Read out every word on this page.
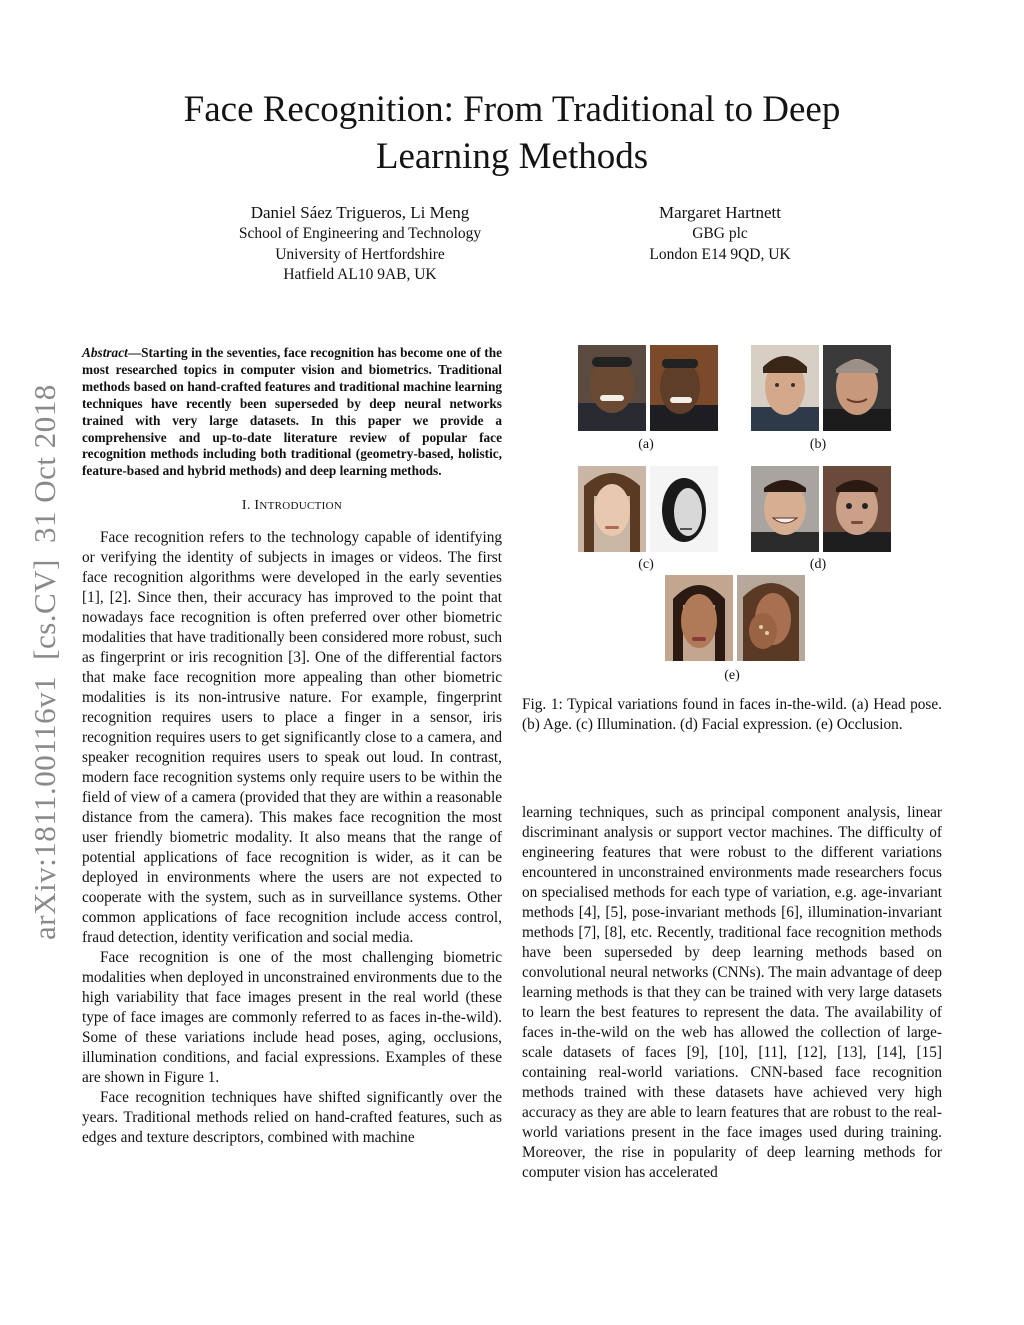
Face Recognition: From Traditional to Deep
Learning Methods
Daniel Sáez Trigueros, Li Meng
School of Engineering and Technology
University of Hertfordshire
Hatfield AL10 9AB, UK
Margaret Hartnett
GBG plc
London E14 9QD, UK
arXiv:1811.00116v1[cs.CV]31 Oct 2018

Abstract—Starting in the seventies, face recognition has become one of the most researched topics in computer vision and biometrics. Traditional methods based on hand-crafted features and traditional machine learning techniques have recently been superseded by deep neural networks trained with very large datasets. In this paper we provide a comprehensive and up-to-date literature review of popular face recognition methods including both traditional (geometry-based, holistic, feature-based and hybrid methods) and deep learning methods.

I. INTRODUCTION

Face recognition refers to the technology capable of identifying or verifying the identity of subjects in images or videos. The first face recognition algorithms were developed in the early seventies [1], [2]. Since then, their accuracy has improved to the point that nowadays face recognition is often preferred over other biometric modalities that have traditionally been considered more robust, such as fingerprint or iris recognition [3]. One of the differential factors that make face recognition more appealing than other biometric modalities is its non-intrusive nature. For example, fingerprint recognition requires users to place a finger in a sensor, iris recognition requires users to get significantly close to a camera, and speaker recognition requires users to speak out loud. In contrast, modern face recognition systems only require users to be within the field of view of a camera (provided that they are within a reasonable distance from the camera). This makes face recognition the most user friendly biometric modality. It also means that the range of potential applications of face recognition is wider, as it can be deployed in environments where the users are not expected to cooperate with the system, such as in surveillance systems. Other common applications of face recognition include access control, fraud detection, identity verification and social media.

Face recognition is one of the most challenging biometric modalities when deployed in unconstrained environments due to the high variability that face images present in the real world (these type of face images are commonly referred to as faces in-the-wild). Some of these variations include head poses, aging, occlusions, illumination conditions, and facial expressions. Examples of these are shown in Figure 1.

Face recognition techniques have shifted significantly over the years. Traditional methods relied on hand-crafted features, such as edges and texture descriptors, combined with machine

(a)	(b)
(c)	(d)
(e)
Fig. 1: Typical variations found in faces in-the-wild. (a) Head pose. (b) Age. (c) Illumination. (d) Facial expression. (e) Occlusion.

learning techniques, such as principal component analysis, linear discriminant analysis or support vector machines. The difficulty of engineering features that were robust to the different variations encountered in unconstrained environments made researchers focus on specialised methods for each type of variation, e.g. age-invariant methods [4], [5], pose-invariant methods [6], illumination-invariant methods [7], [8], etc. Recently, traditional face recognition methods have been superseded by deep learning methods based on convolutional neural networks (CNNs). The main advantage of deep learning methods is that they can be trained with very large datasets to learn the best features to represent the data. The availability of faces in-the-wild on the web has allowed the collection of large-scale datasets of faces [9], [10], [11], [12], [13], [14], [15] containing real-world variations. CNN-based face recognition methods trained with these datasets have achieved very high accuracy as they are able to learn features that are robust to the real-world variations present in the face images used during training. Moreover, the rise in popularity of deep learning methods for computer vision has accelerated
